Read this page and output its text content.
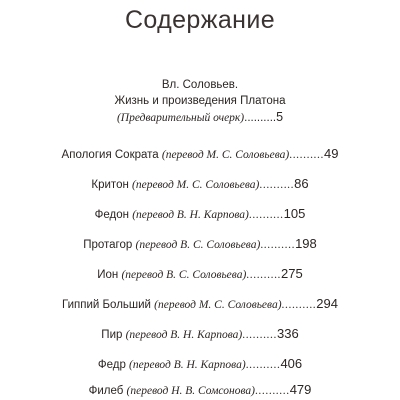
Содержание
Вл. Соловьев.
Жизнь и произведения Платона
(Предварительный очерк)..........5
Апология Сократа (перевод М. С. Соловьева)..........49
Критон (перевод М. С. Соловьева)..........86
Федон (перевод В. Н. Карпова)..........105
Протагор (перевод В. С. Соловьева)..........198
Ион (перевод В. С. Соловьева)..........275
Гиппий Больший (перевод М. С. Соловьева)..........294
Пир (перевод В. Н. Карпова)..........336
Федр (перевод В. Н. Карпова)..........406
Филеб (перевод Н. В. Сомсонова)..........479
